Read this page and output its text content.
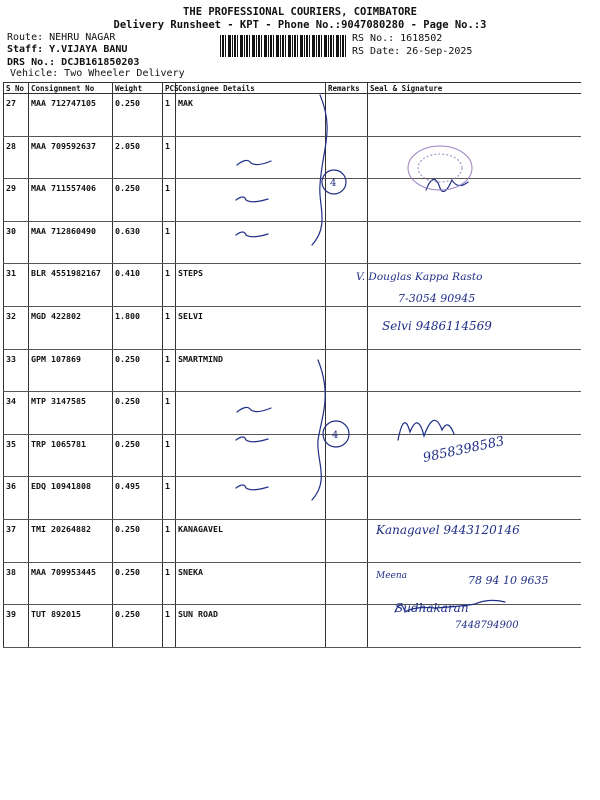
THE PROFESSIONAL COURIERS, COIMBATORE
Delivery Runsheet - KPT - Phone No.:9047080280 - Page No.:3
Route: NEHRU NAGAR
Staff: Y.VIJAYA BANU
DRS No.: DCJB161850203
Vehicle: Two Wheeler Delivery
RS No.: 1618502
RS Date: 26-Sep-2025
S No	Consignment No	Weight	PCS	Consignee Details	Remarks	Seal & Signature
27	MAA 712747105	0.250	1	MAK		
28	MAA 709592637	2.050	1			
29	MAA 711557406	0.250	1			
30	MAA 712860490	0.630	1			
31	BLR 4551982167	0.410	1	STEPS		
32	MGD 422802	1.800	1	SELVI		
33	GPM 107869	0.250	1	SMARTMIND		
34	MTP 3147585	0.250	1			
35	TRP 1065781	0.250	1			
36	EDQ 10941808	0.495	1			
37	TMI 20264882	0.250	1	KANAGAVEL		
38	MAA 709953445	0.250	1	SNEKA		
39	TUT 892015	0.250	1	SUN ROAD		
4
4
V. Douglas Kappa Rasto
7-3054 90945
Selvi 9486114569
9858398583
Kanagavel 9443120146
Meena	78 94 10 9635
Sudhakaran
7448794900
